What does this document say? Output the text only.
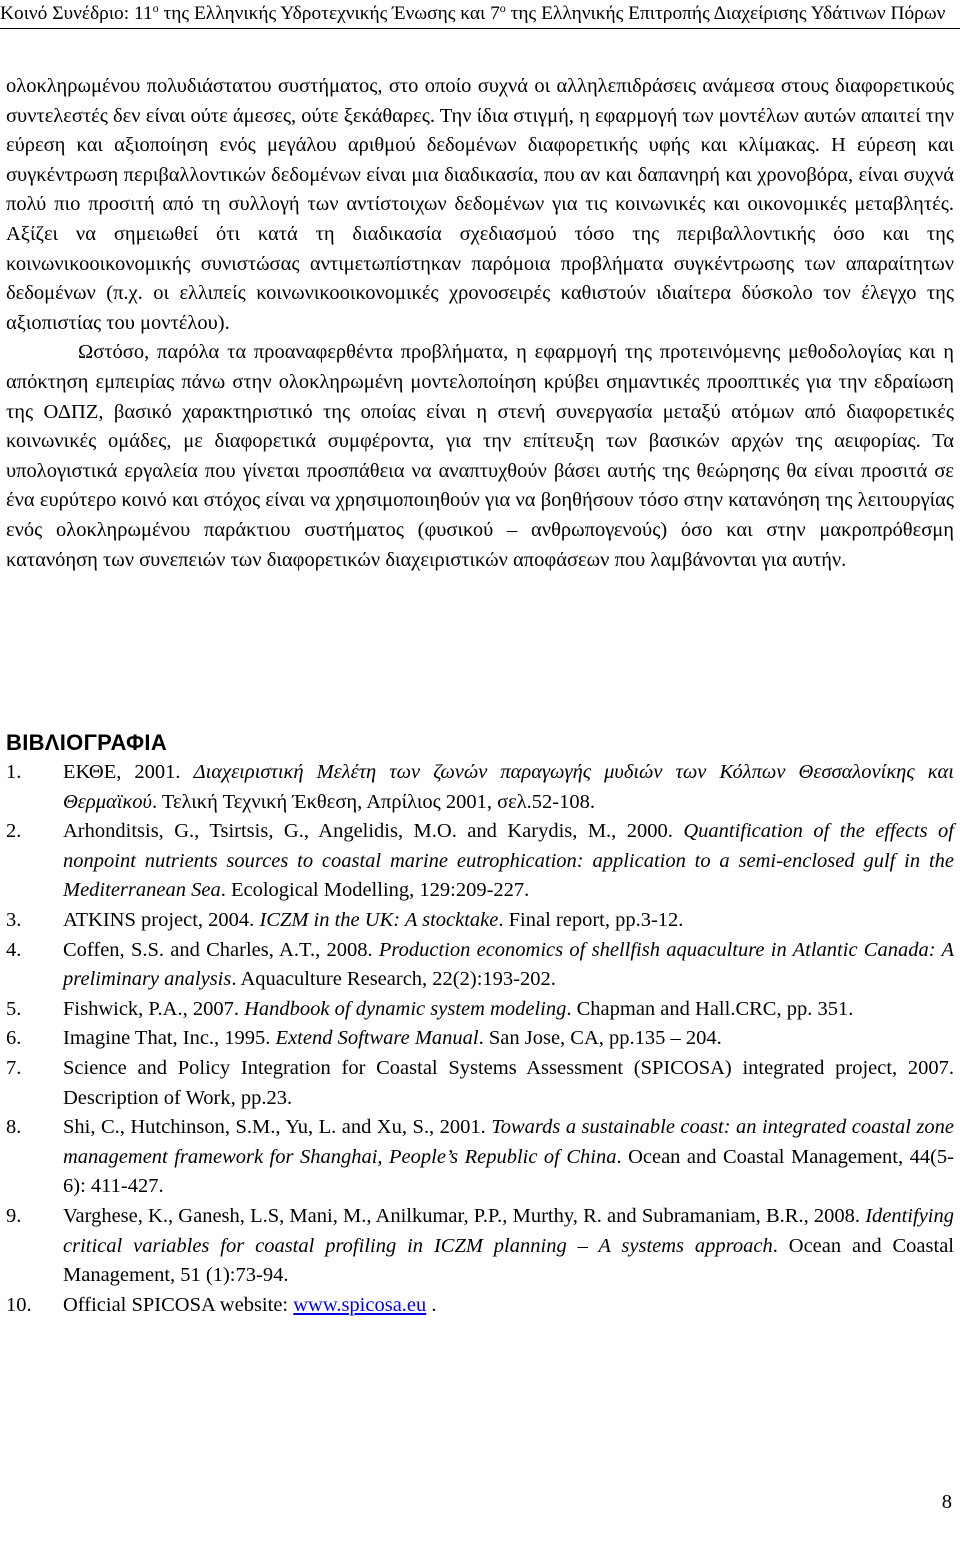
Κοινό Συνέδριο: $11^o$ της Ελληνικής Υδροτεχνικής Ένωσης και $7^o$ της Ελληνικής Επιτροπής Διαχείρισης Υδάτινων Πόρων

ολοκληρωμένου πολυδιάστατου συστήματος, στο οποίο συχνά οι αλληλεπιδράσεις ανάμεσα στους διαφορετικούς συντελεστές δεν είναι ούτε άμεσες, ούτε ξεκάθαρες. Την ίδια στιγμή, η εφαρμογή των μοντέλων αυτών απαιτεί την εύρεση και αξιοποίηση ενός μεγάλου αριθμού δεδομένων διαφορετικής υφής και κλίμακας. Η εύρεση και συγκέντρωση περιβαλλοντικών δεδομένων είναι μια διαδικασία, που αν και δαπανηρή και χρονοβόρα, είναι συχνά πολύ πιο προσιτή από τη συλλογή των αντίστοιχων δεδομένων για τις κοινωνικές και οικονομικές μεταβλητές. Αξίζει να σημειωθεί ότι κατά τη διαδικασία σχεδιασμού τόσο της περιβαλλοντικής όσο και της κοινωνικοοικονομικής συνιστώσας αντιμετωπίστηκαν παρόμοια προβλήματα συγκέντρωσης των απαραίτητων δεδομένων (π.χ. οι ελλιπείς κοινωνικοοικονομικές χρονοσειρές καθιστούν ιδιαίτερα δύσκολο τον έλεγχο της αξιοπιστίας του μοντέλου).

Ωστόσο, παρόλα τα προαναφερθέντα προβλήματα, η εφαρμογή της προτεινόμενης μεθοδολογίας και η απόκτηση εμπειρίας πάνω στην ολοκληρωμένη μοντελοποίηση κρύβει σημαντικές προοπτικές για την εδραίωση της ΟΔΠΖ, βασικό χαρακτηριστικό της οποίας είναι η στενή συνεργασία μεταξύ ατόμων από διαφορετικές κοινωνικές ομάδες, με διαφορετικά συμφέροντα, για την επίτευξη των βασικών αρχών της αειφορίας. Τα υπολογιστικά εργαλεία που γίνεται προσπάθεια να αναπτυχθούν βάσει αυτής της θεώρησης θα είναι προσιτά σε ένα ευρύτερο κοινό και στόχος είναι να χρησιμοποιηθούν για να βοηθήσουν τόσο στην κατανόηση της λειτουργίας ενός ολοκληρωμένου παράκτιου συστήματος (φυσικού – ανθρωπογενούς) όσο και στην μακροπρόθεσμη κατανόηση των συνεπειών των διαφορετικών διαχειριστικών αποφάσεων που λαμβάνονται για αυτήν.

ΒΙΒΛΙΟΓΡΑΦΙΑ
1. ΕΚΘΕ, 2001. Διαχειριστική Μελέτη των ζωνών παραγωγής μυδιών των Κόλπων Θεσσαλονίκης και Θερμαϊκού. Τελική Τεχνική Έκθεση, Απρίλιος 2001, σελ.52-108.
2. Arhonditsis, G., Tsirtsis, G., Angelidis, M.O. and Karydis, M., 2000. Quantification of the effects of nonpoint nutrients sources to coastal marine eutrophication: application to a semi-enclosed gulf in the Mediterranean Sea. Ecological Modelling, 129:209-227.
3. ATKINS project, 2004. ICZM in the UK: A stocktake. Final report, pp.3-12.
4. Coffen, S.S. and Charles, A.T., 2008. Production economics of shellfish aquaculture in Atlantic Canada: A preliminary analysis. Aquaculture Research, 22(2):193-202.
5. Fishwick, P.A., 2007. Handbook of dynamic system modeling. Chapman and Hall.CRC, pp. 351.
6. Imagine That, Inc., 1995. Extend Software Manual. San Jose, CA, pp.135 – 204.
7. Science and Policy Integration for Coastal Systems Assessment (SPICOSA) integrated project, 2007. Description of Work, pp.23.
8. Shi, C., Hutchinson, S.M., Yu, L. and Xu, S., 2001. Towards a sustainable coast: an integrated coastal zone management framework for Shanghai, People’s Republic of China. Ocean and Coastal Management, 44(5-6): 411-427.
9. Varghese, K., Ganesh, L.S, Mani, M., Anilkumar, P.P., Murthy, R. and Subramaniam, B.R., 2008. Identifying critical variables for coastal profiling in ICZM planning – A systems approach. Ocean and Coastal Management, 51 (1):73-94.
10. Official SPICOSA website: www.spicosa.eu .
8
